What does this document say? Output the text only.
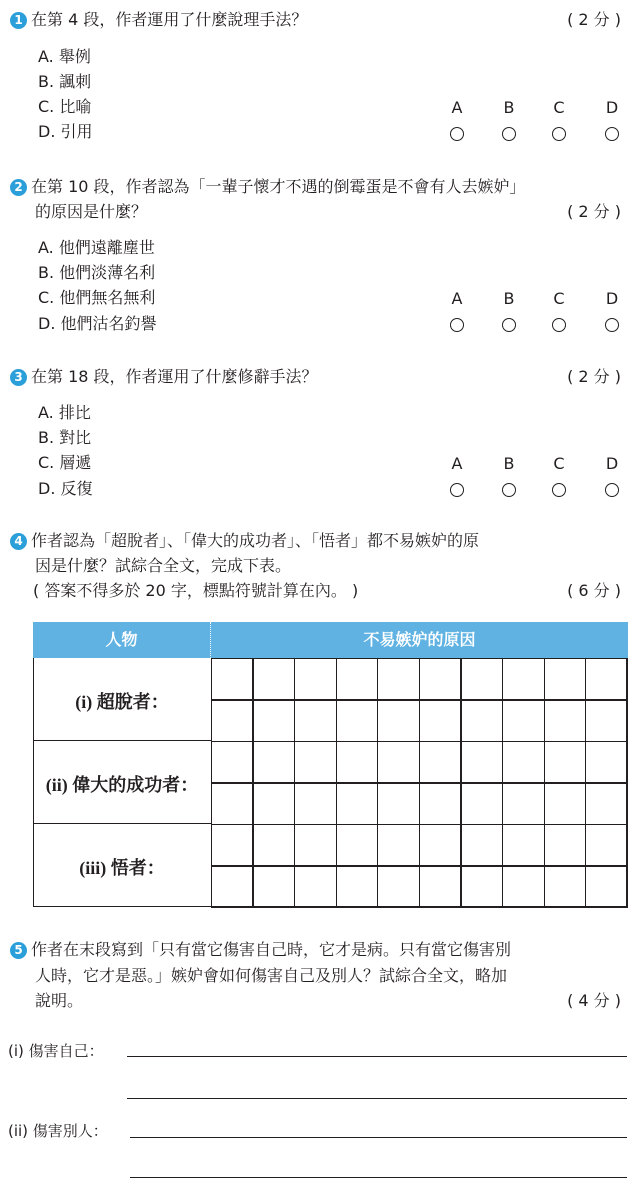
1 在第 4 段，作者運用了什麼說理手法？	( 2 分 )
A. 舉例
B. 諷刺
C. 比喻
D. 引用
A	B C	D
2 在第 10 段，作者認為「一輩子懷才不遇的倒霉蛋是不會有人去嫉妒」
的原因是什麼？	( 2 分 )
A. 他們遠離塵世
B. 他們淡薄名利
C. 他們無名無利
D. 他們沽名釣譽
A	B C	D
3 在第 18 段，作者運用了什麼修辭手法？	( 2 分 )
A. 排比
B. 對比
C. 層遞
D. 反復
A	B C	D
4 作者認為「超脫者」、「偉大的成功者」、「悟者」都不易嫉妒的原
因是什麼？試綜合全文，完成下表。
( 答案不得多於 20 字，標點符號計算在內。 )	( 6 分 )
人物	不易嫉妒的原因
(i) 超脫者：
(ii) 偉大的成功者：
(iii) 悟者：
5 作者在末段寫到「只有當它傷害自己時，它才是病。只有當它傷害別
人時，它才是惡。」嫉妒會如何傷害自己及別人？試綜合全文，略加
說明。	( 4 分 )
(i) 傷害自己：
(ii) 傷害別人：
